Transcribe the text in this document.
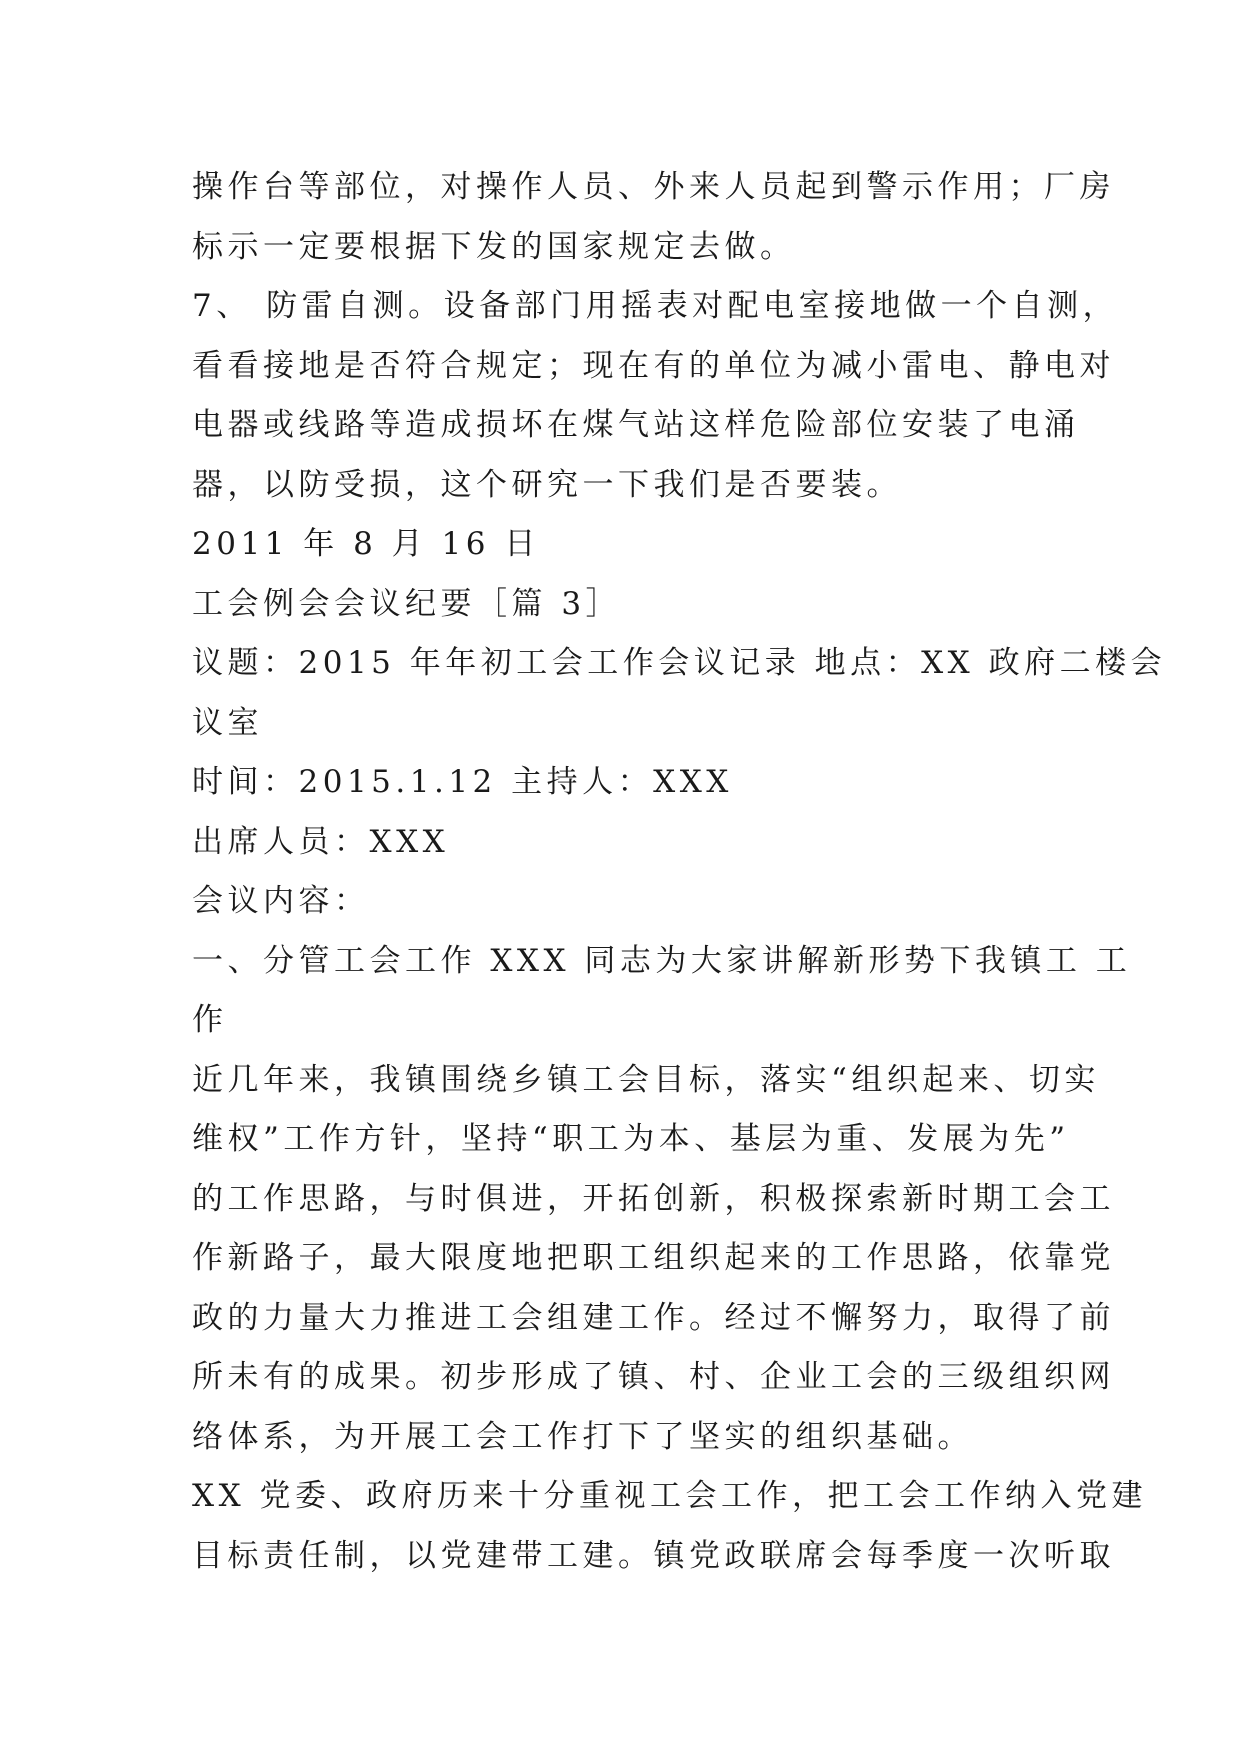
操作台等部位，对操作人员、外来人员起到警示作用；厂房
标示一定要根据下发的国家规定去做。
7、 防雷自测。设备部门用摇表对配电室接地做一个自测，
看看接地是否符合规定；现在有的单位为减小雷电、静电对
电器或线路等造成损坏在煤气站这样危险部位安装了电涌
器，以防受损，这个研究一下我们是否要装。
2011 年 8 月 16 日
工会例会会议纪要［篇 3］
议题：2015 年年初工会工作会议记录 地点：XX 政府二楼会
议室
时间：2015.1.12 主持人：XXX
出席人员：XXX
会议内容：
一、分管工会工作 XXX 同志为大家讲解新形势下我镇工 工
作
近几年来，我镇围绕乡镇工会目标，落实“组织起来、切实
维权”工作方针，坚持“职工为本、基层为重、发展为先”
的工作思路，与时俱进，开拓创新，积极探索新时期工会工
作新路子，最大限度地把职工组织起来的工作思路，依靠党
政的力量大力推进工会组建工作。经过不懈努力，取得了前
所未有的成果。初步形成了镇、村、企业工会的三级组织网
络体系，为开展工会工作打下了坚实的组织基础。
XX 党委、政府历来十分重视工会工作，把工会工作纳入党建
目标责任制，以党建带工建。镇党政联席会每季度一次听取
